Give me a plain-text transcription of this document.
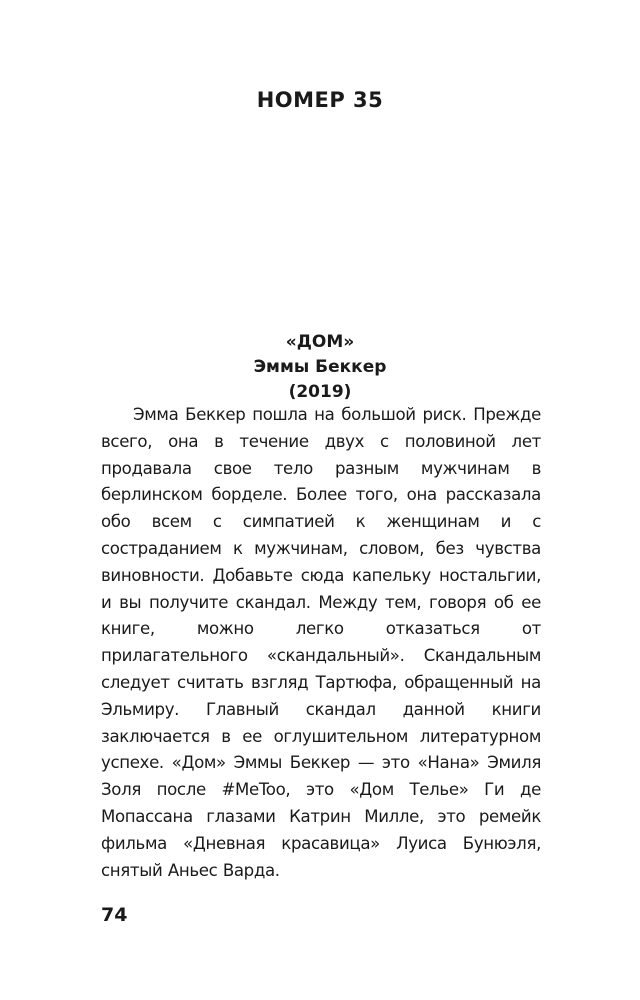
НОМЕР 35
«ДОМ»
Эммы Беккер
(2019)

Эмма Беккер пошла на большой риск. Прежде всего, она в течение двух с половиной лет продавала свое тело разным мужчинам в берлинском борделе. Более того, она рассказала обо всем с симпатией к женщинам и с состраданием к мужчинам, словом, без чувства виновности. Добавьте сюда капельку ностальгии, и вы получите скандал. Между тем, говоря об ее книге, можно легко отказаться от прилагательного «скандальный». Скандальным следует считать взгляд Тартюфа, обращенный на Эльмиру. Главный скандал данной книги заключается в ее оглушительном литературном успехе. «Дом» Эммы Беккер — это «Нана» Эмиля Золя после #MeToo, это «Дом Телье» Ги де Мопассана глазами Катрин Милле, это ремейк фильма «Дневная красавица» Луиса Бунюэля, снятый Аньес Варда.

74
